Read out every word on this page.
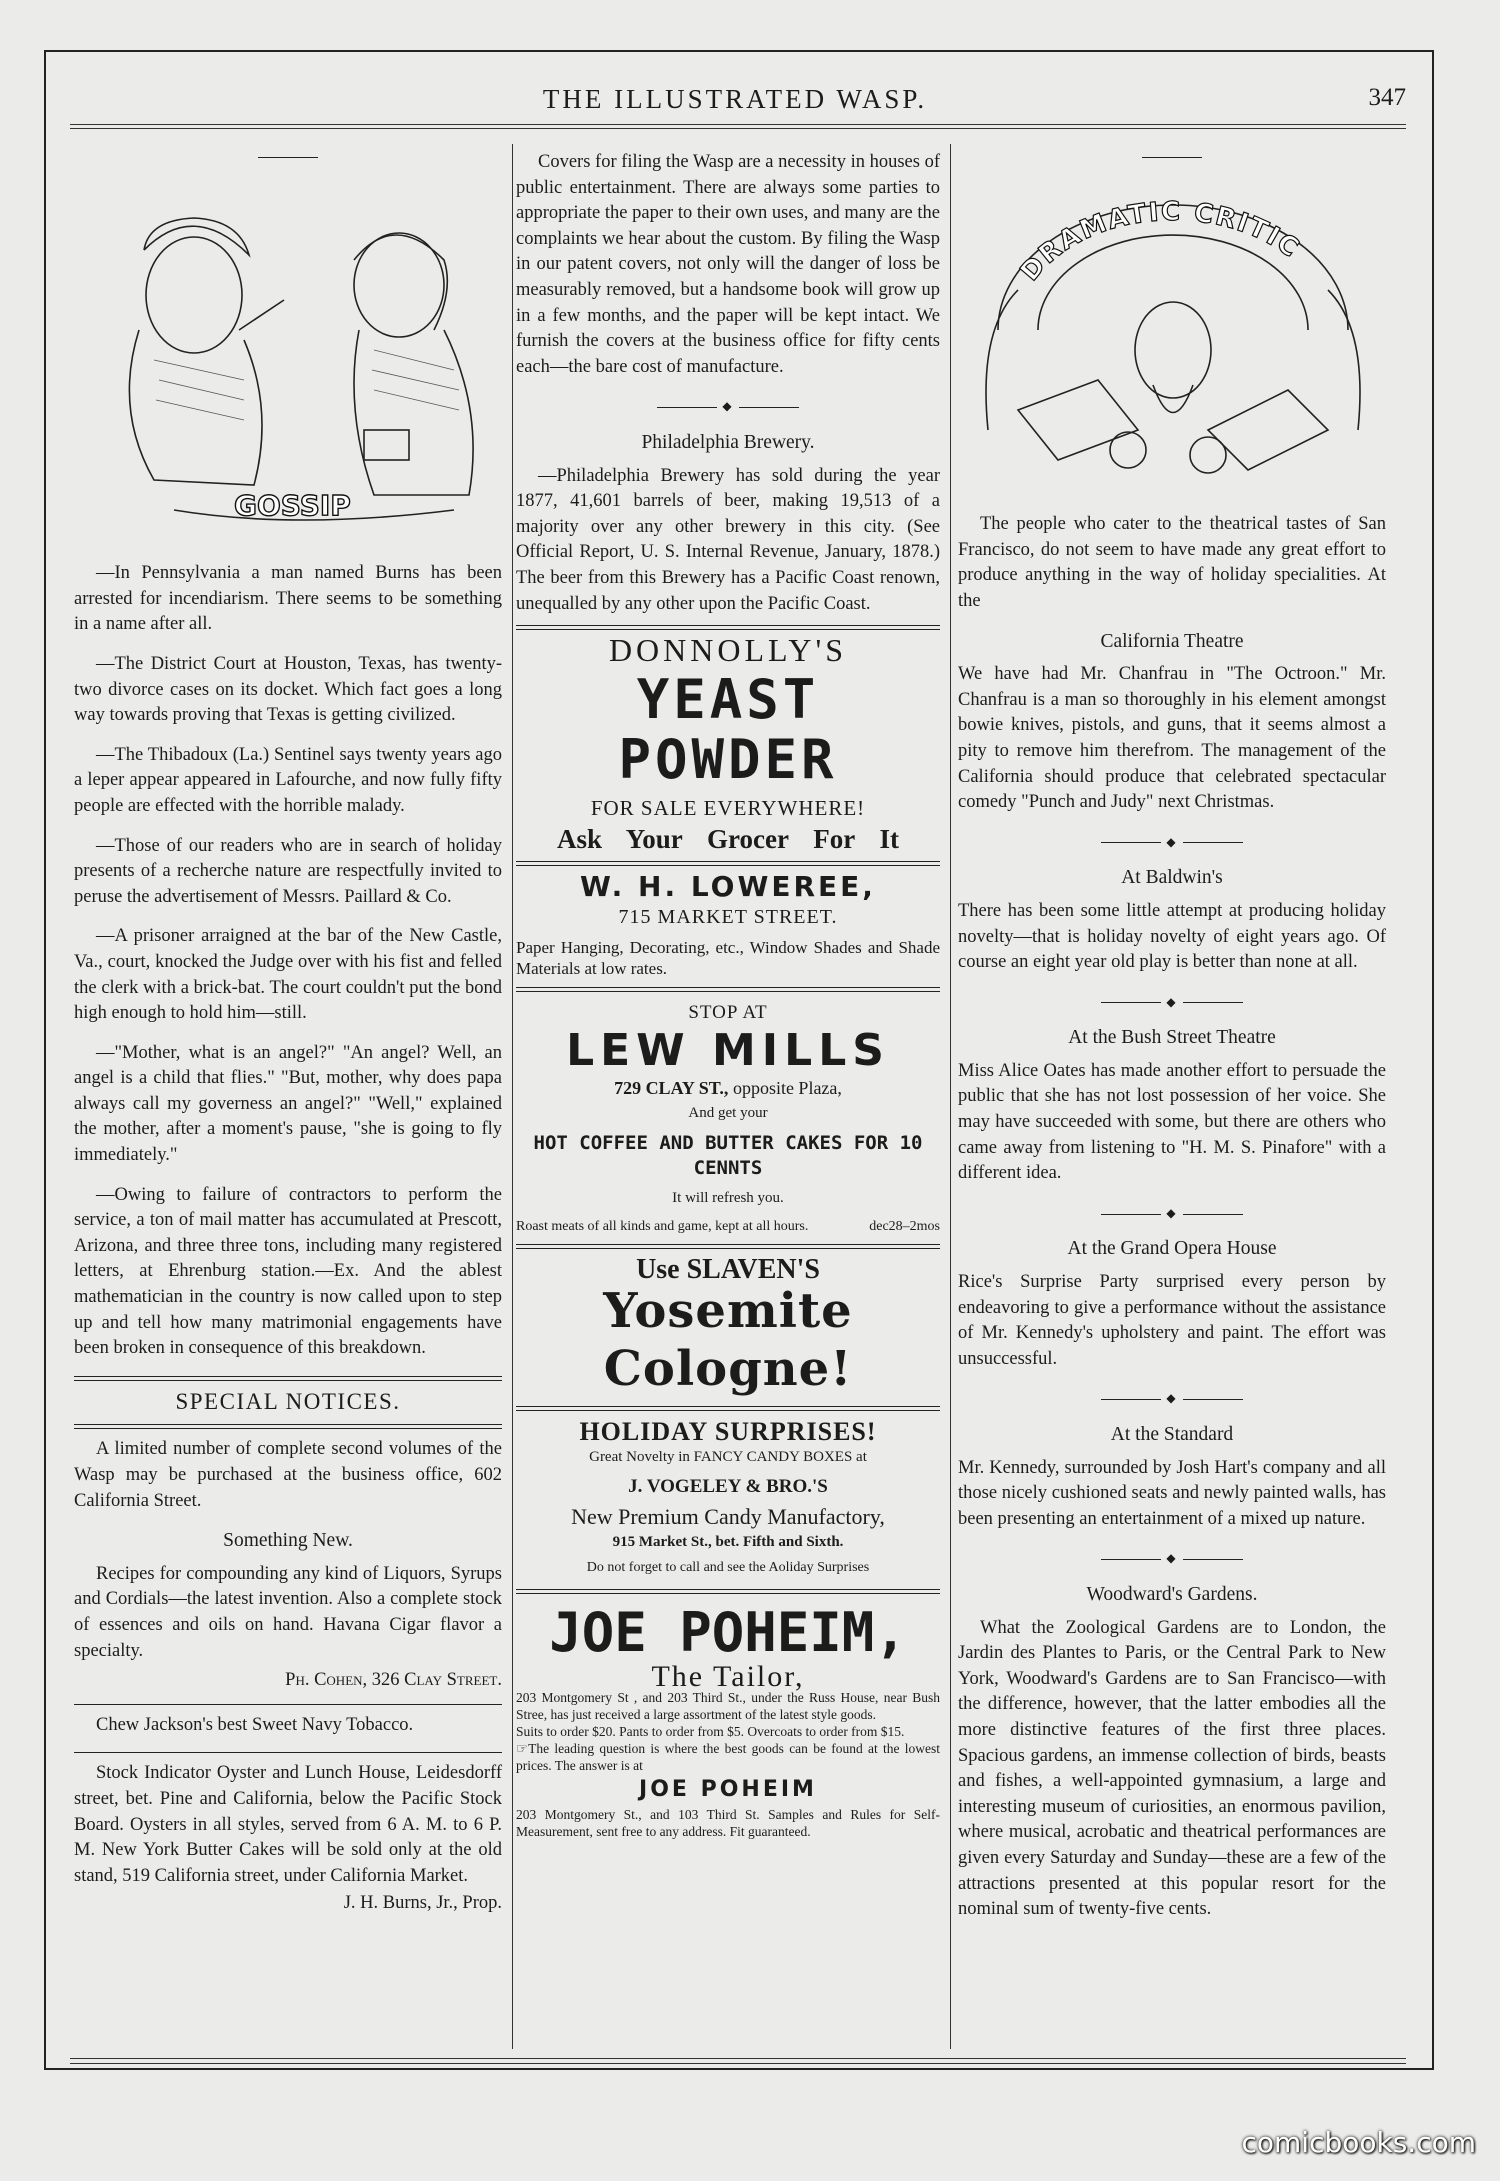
THE ILLUSTRATED WASP.	347
GOSSIP

—In Pennsylvania a man named Burns has been arrested for incendiarism. There seems to be something in a name after all.

—The District Court at Houston, Texas, has twenty-two divorce cases on its docket. Which fact goes a long way towards proving that Texas is getting civilized.

—The Thibadoux (La.) Sentinel says twenty years ago a leper appear appeared in Lafourche, and now fully fifty people are effected with the horrible malady.

—Those of our readers who are in search of holiday presents of a recherche nature are respectfully invited to peruse the advertisement of Messrs. Paillard & Co.

—A prisoner arraigned at the bar of the New Castle, Va., court, knocked the Judge over with his fist and felled the clerk with a brick-bat. The court couldn't put the bond high enough to hold him—still.

—"Mother, what is an angel?" "An angel? Well, an angel is a child that flies." "But, mother, why does papa always call my governess an angel?" "Well," explained the mother, after a moment's pause, "she is going to fly immediately."

—Owing to failure of contractors to perform the service, a ton of mail matter has accumulated at Prescott, Arizona, and three three tons, including many registered letters, at Ehrenburg station.—Ex. And the ablest mathematician in the country is now called upon to step up and tell how many matrimonial engagements have been broken in consequence of this breakdown.

SPECIAL NOTICES.

A limited number of complete second volumes of the Wasp may be purchased at the business office, 602 California Street.

Something New.

Recipes for compounding any kind of Liquors, Syrups and Cordials—the latest invention. Also a complete stock of essences and oils on hand. Havana Cigar flavor a specialty.

Ph. Cohen, 326 Clay Street.

Chew Jackson's best Sweet Navy Tobacco.

Stock Indicator Oyster and Lunch House, Leidesdorff street, bet. Pine and California, below the Pacific Stock Board. Oysters in all styles, served from 6 A. M. to 6 P. M. New York Butter Cakes will be sold only at the old stand, 519 California street, under California Market.

J. H. Burns, Jr., Prop.

Covers for filing the Wasp are a necessity in houses of public entertainment. There are always some parties to appropriate the paper to their own uses, and many are the complaints we hear about the custom. By filing the Wasp in our patent covers, not only will the danger of loss be measurably removed, but a handsome book will grow up in a few months, and the paper will be kept intact. We furnish the covers at the business office for fifty cents each—the bare cost of manufacture.

◆
Philadelphia Brewery.

—Philadelphia Brewery has sold during the year 1877, 41,601 barrels of beer, making 19,513 of a majority over any other brewery in this city. (See Official Report, U. S. Internal Revenue, January, 1878.) The beer from this Brewery has a Pacific Coast renown, unequalled by any other upon the Pacific Coast.

DONNOLLY'S
YEAST POWDER
FOR SALE EVERYWHERE!
Ask Your Grocer For It
W. H. LOWEREE,
715 MARKET STREET.
Paper Hanging, Decorating, etc., Window Shades and Shade Materials at low rates.
STOP AT
LEW MILLS
729 CLAY ST., opposite Plaza,
And get your
HOT COFFEE AND BUTTER CAKES FOR 10 CENNTS
It will refresh you.
Roast meats of all kinds and game, kept at all hours.	dec28–2mos
Use SLAVEN'S
Yosemite Cologne!
HOLIDAY SURPRISES!
Great Novelty in FANCY CANDY BOXES at
J. VOGELEY & BRO.'S
New Premium Candy Manufactory,
915 Market St., bet. Fifth and Sixth.
Do not forget to call and see the Aoliday Surprises
JOE POHEIM,
The Tailor,
203 Montgomery St , and 203 Third St., under the Russ House, near Bush Stree, has just received a large assortment of the latest style goods.
Suits to order $20. Pants to order from $5. Overcoats to order from $15.
☞The leading question is where the best goods can be found at the lowest prices. The answer is at
JOE POHEIM
203 Montgomery St., and 103 Third St. Samples and Rules for Self-Measurement, sent free to any address. Fit guaranteed.
DRAMATIC CRITIC

The people who cater to the theatrical tastes of San Francisco, do not seem to have made any great effort to produce anything in the way of holiday specialities. At the

California Theatre

We have had Mr. Chanfrau in "The Octroon." Mr. Chanfrau is a man so thoroughly in his element amongst bowie knives, pistols, and guns, that it seems almost a pity to remove him therefrom. The management of the California should produce that celebrated spectacular comedy "Punch and Judy" next Christmas.

◆
At Baldwin's

There has been some little attempt at producing holiday novelty—that is holiday novelty of eight years ago. Of course an eight year old play is better than none at all.

◆
At the Bush Street Theatre

Miss Alice Oates has made another effort to persuade the public that she has not lost possession of her voice. She may have succeeded with some, but there are others who came away from listening to "H. M. S. Pinafore" with a different idea.

◆
At the Grand Opera House

Rice's Surprise Party surprised every person by endeavoring to give a performance without the assistance of Mr. Kennedy's upholstery and paint. The effort was unsuccessful.

◆
At the Standard

Mr. Kennedy, surrounded by Josh Hart's company and all those nicely cushioned seats and newly painted walls, has been presenting an entertainment of a mixed up nature.

◆
Woodward's Gardens.

What the Zoological Gardens are to London, the Jardin des Plantes to Paris, or the Central Park to New York, Woodward's Gardens are to San Francisco—with the difference, however, that the latter embodies all the more distinctive features of the first three places. Spacious gardens, an immense collection of birds, beasts and fishes, a well-appointed gymnasium, a large and interesting museum of curiosities, an enormous pavilion, where musical, acrobatic and theatrical performances are given every Saturday and Sunday—these are a few of the attractions presented at this popular resort for the nominal sum of twenty-five cents.

comicbooks.com
